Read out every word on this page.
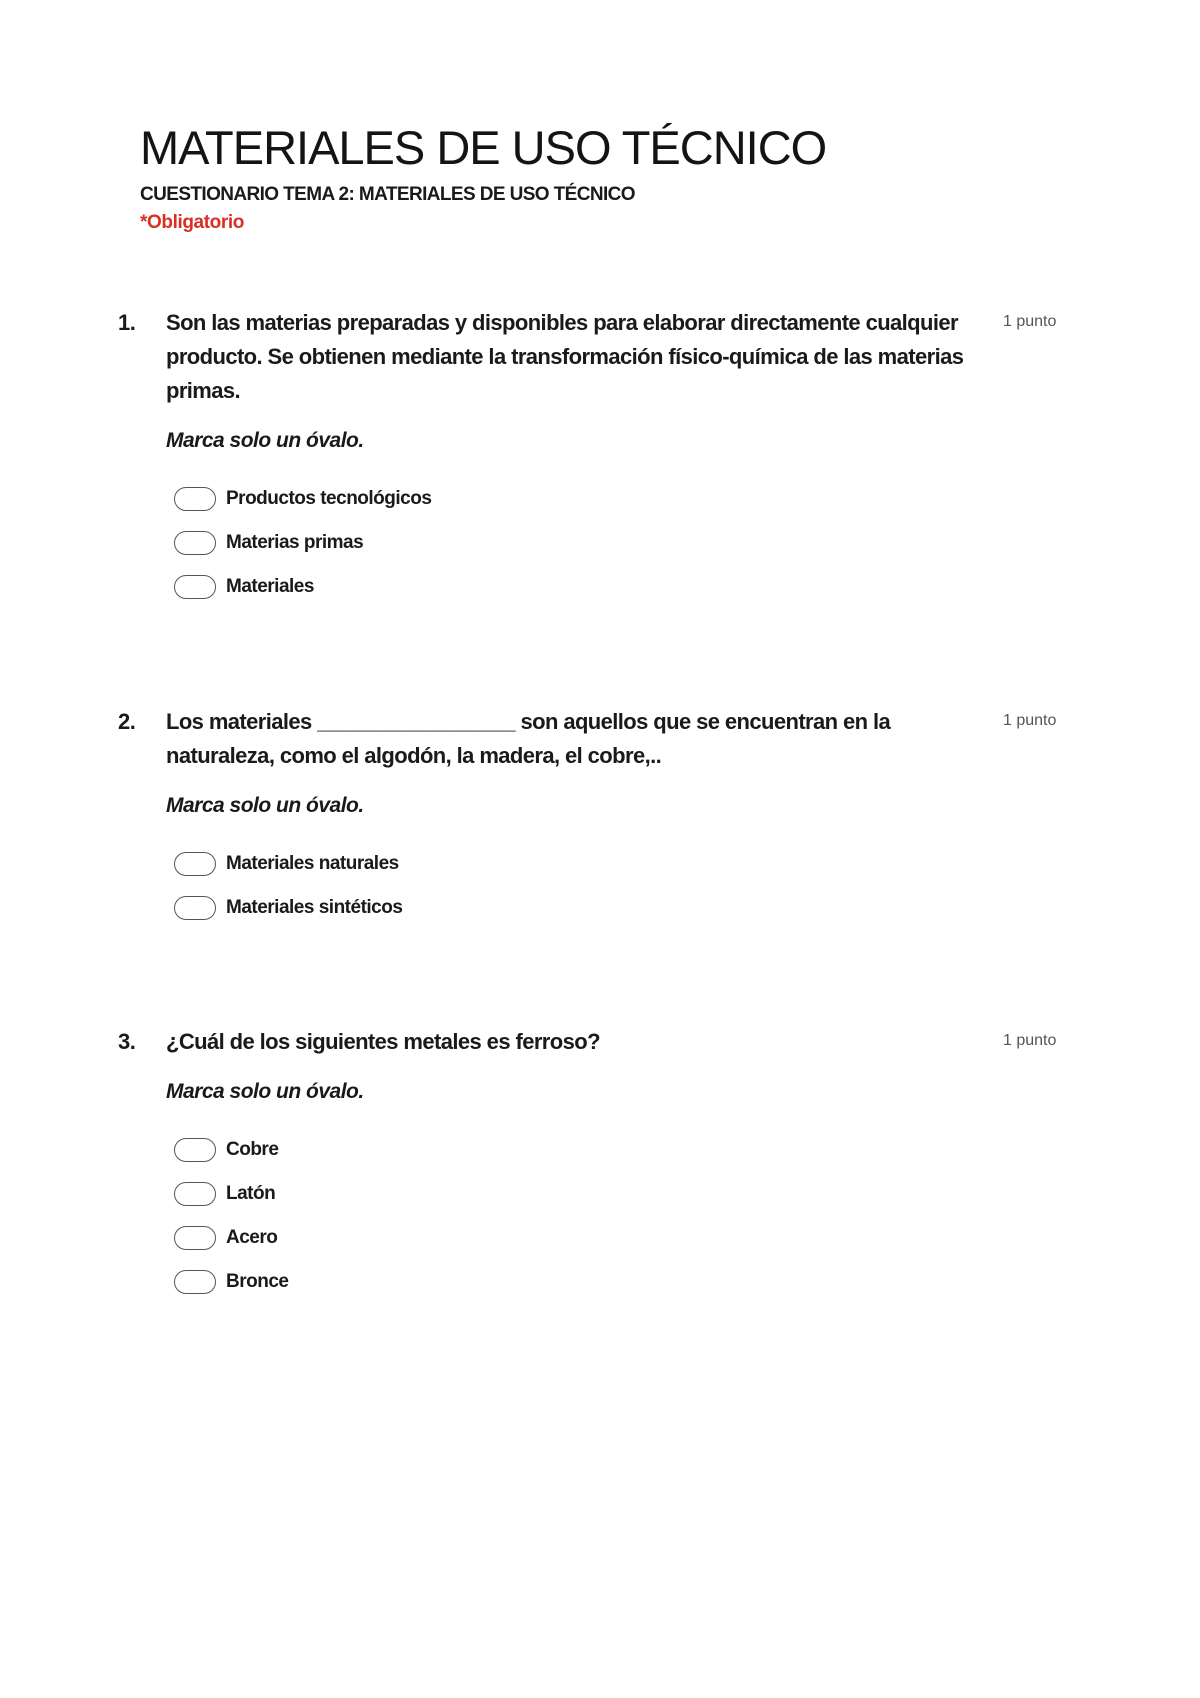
MATERIALES DE USO TÉCNICO
CUESTIONARIO TEMA 2: MATERIALES DE USO TÉCNICO
*Obligatorio
1. Son las materias preparadas y disponibles para elaborar directamente cualquier producto. Se obtienen mediante la transformación físico-química de las materias primas.

Marca solo un óvalo.
Productos tecnológicos
Materias primas
Materiales
1 punto
2. Los materiales _________________ son aquellos que se encuentran en la naturaleza, como el algodón, la madera, el cobre,..

Marca solo un óvalo.
Materiales naturales
Materiales sintéticos
1 punto
3. ¿Cuál de los siguientes metales es ferroso?

Marca solo un óvalo.
Cobre
Latón
Acero
Bronce
1 punto
